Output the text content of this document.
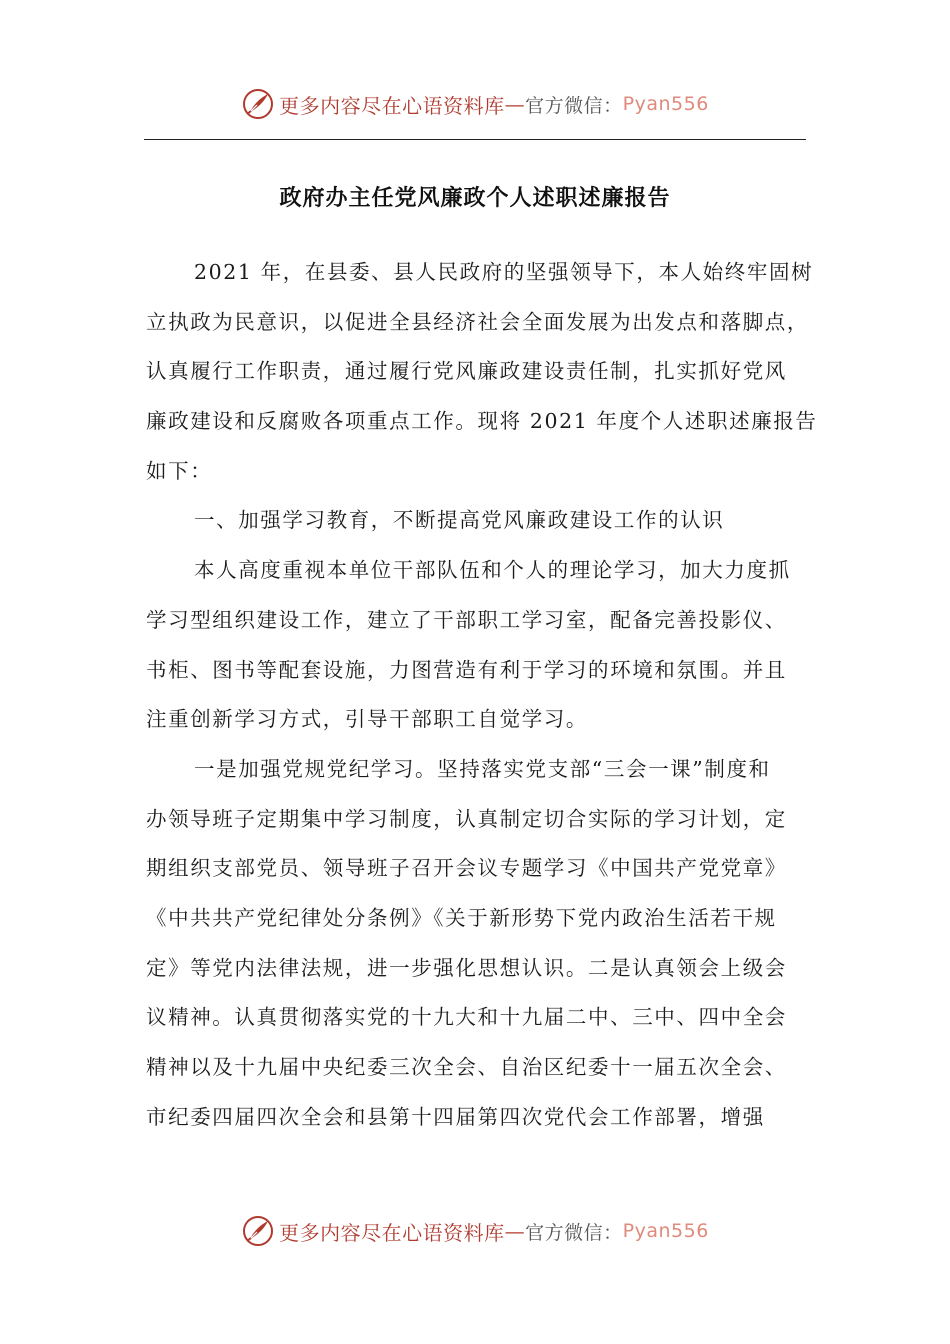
更多内容尽在心语资料库 — 官方微信： Pyan556
政府办主任党风廉政个人述职述廉报告
2021 年，在县委、县人民政府的坚强领导下，本人始终牢固树
立执政为民意识，以促进全县经济社会全面发展为出发点和落脚点，
认真履行工作职责，通过履行党风廉政建设责任制，扎实抓好党风
廉政建设和反腐败各项重点工作。现将 2021 年度个人述职述廉报告
如下：
一、加强学习教育，不断提高党风廉政建设工作的认识
本人高度重视本单位干部队伍和个人的理论学习，加大力度抓
学习型组织建设工作，建立了干部职工学习室，配备完善投影仪、
书柜、图书等配套设施，力图营造有利于学习的环境和氛围。并且
注重创新学习方式，引导干部职工自觉学习。
一是加强党规党纪学习。坚持落实党支部“三会一课”制度和
办领导班子定期集中学习制度，认真制定切合实际的学习计划，定
期组织支部党员、领导班子召开会议专题学习《中国共产党党章》
《中共共产党纪律处分条例》《关于新形势下党内政治生活若干规
定》等党内法律法规，进一步强化思想认识。二是认真领会上级会
议精神。认真贯彻落实党的十九大和十九届二中、三中、四中全会
精神以及十九届中央纪委三次全会、自治区纪委十一届五次全会、
市纪委四届四次全会和县第十四届第四次党代会工作部署，增强
更多内容尽在心语资料库 — 官方微信： Pyan556
